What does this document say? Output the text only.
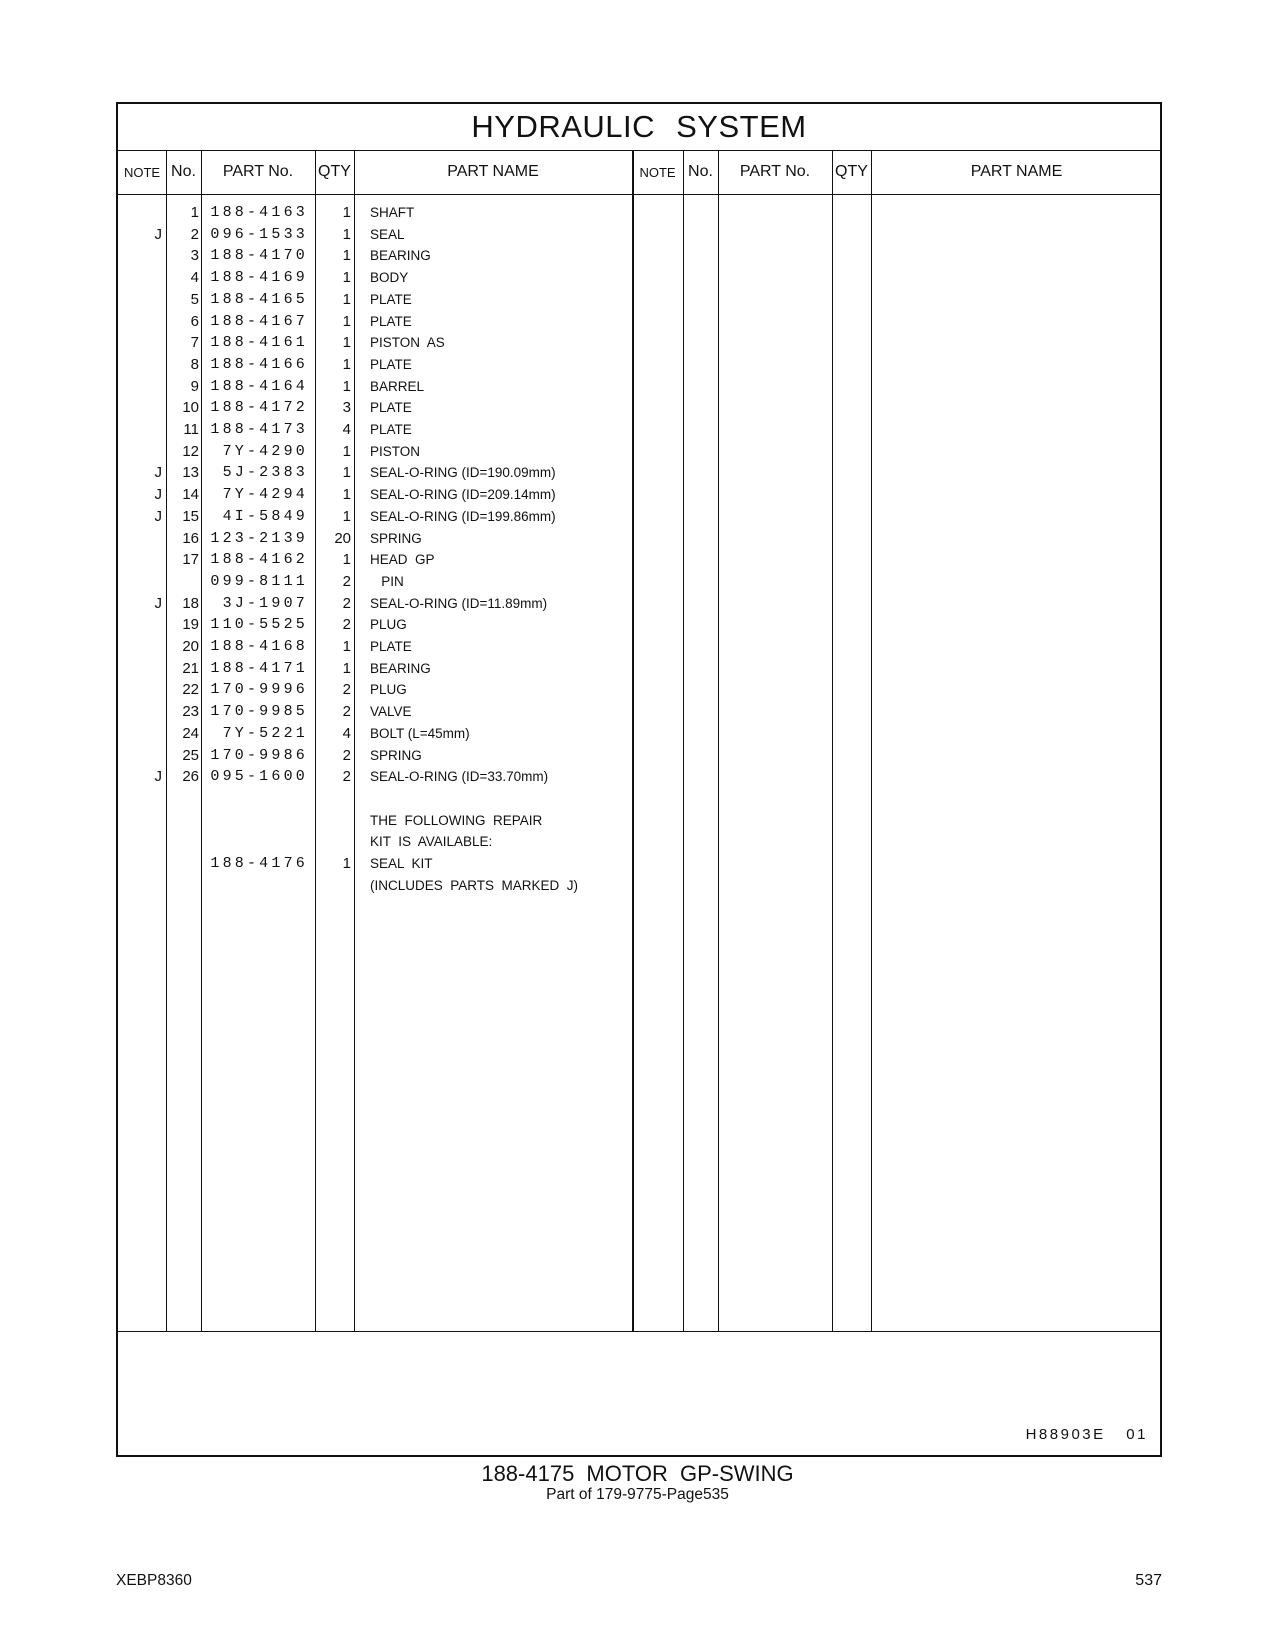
HYDRAULIC SYSTEM
NOTE No.	PART No.	QTY	PART NAME	NOTE No.	PART No.	QTY	PART NAME
1 188-4163	1 SHAFT
J	2 096-1533	1 SEAL
3 188-4170	1 BEARING
4 188-4169	1 BODY
5 188-4165	1 PLATE
6 188-4167	1 PLATE
7 188-4161	1 PISTON  AS
8 188-4166	1 PLATE
9 188-4164	1 BARREL
10 188-4172	3 PLATE
11 188-4173	4 PLATE
12	7Y-4290	1 PISTON
J	13	5J-2383	1 SEAL-O-RING (ID=190.09mm)
J	14	7Y-4294	1 SEAL-O-RING (ID=209.14mm)
J	15	4I-5849	1 SEAL-O-RING (ID=199.86mm)
16 123-2139	20 SPRING
17 188-4162	1 HEAD  GP
099-8111	2 PIN
J	18	3J-1907	2 SEAL-O-RING (ID=11.89mm)
19 110-5525	2 PLUG
20 188-4168	1 PLATE
21 188-4171	1 BEARING
22 170-9996	2 PLUG
23 170-9985	2 VALVE
24	7Y-5221	4 BOLT (L=45mm)
25 170-9986	2 SPRING
J	26 095-1600	2 SEAL-O-RING (ID=33.70mm)
THE  FOLLOWING  REPAIR
KIT  IS  AVAILABLE:
188-4176	1 SEAL  KIT
(INCLUDES  PARTS  MARKED  J)
H88903E 01
188-4175 MOTOR GP-SWING
Part of 179-9775-Page535
XEBP8360	537
